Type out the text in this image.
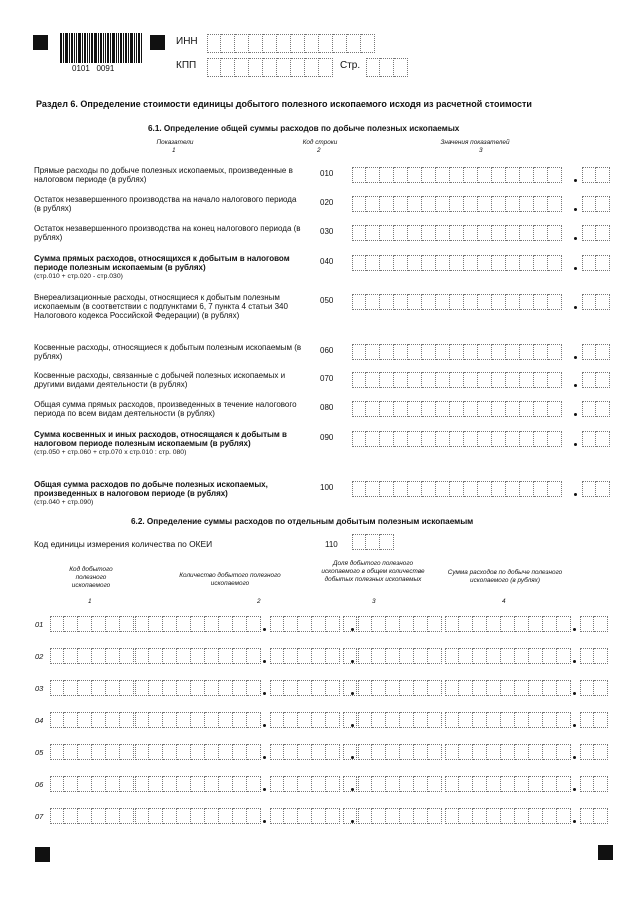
0101   0091
ИНН
КПП	Стр.
Раздел 6. Определение стоимости единицы добытого полезного ископаемого исходя из расчетной стоимости
6.1. Определение общей суммы расходов по добыче полезных ископаемых
Показатели	Код строки	Значения показателей
1	2	3
Прямые расходы по добыче полезных ископаемых, произведенные в налоговом периоде (в рублях)
010
Остаток незавершенного производства на начало налогового периода (в рублях)
020
Остаток незавершенного производства на конец налогового периода (в рублях)
030
Сумма прямых расходов, относящихся к добытым в налоговом периоде полезным ископаемым (в рублях)
(стр.010 + стр.020 - стр.030)
040
Внереализационные расходы, относящиеся к добытым полезным ископаемым (в соответствии с подпунктами 6, 7 пункта 4 статьи 340 Налогового кодекса Российской Федерации) (в рублях)
050
Косвенные расходы, относящиеся к добытым полезным ископаемым (в рублях)
060
Косвенные расходы, связанные с добычей полезных ископаемых и другими видами деятельности (в рублях)
070
Общая сумма прямых расходов, произведенных в течение налогового периода по всем видам деятельности (в рублях)
080
Сумма косвенных и иных расходов, относящаяся к добытым в налоговом периоде полезным ископаемым (в рублях)
(стр.050 + стр.060 + стр.070 х стр.010 : стр. 080)
090
Общая сумма расходов по добыче полезных ископаемых, произведенных в налоговом периоде (в рублях)
(стр.040 + стр.090)
100
6.2. Определение суммы расходов по отдельным добытым полезным ископаемым
Код единицы измерения количества по ОКЕИ	110
Код добытого полезного ископаемого
Количество добытого полезного ископаемого
Доля добытого полезного ископаемого в общем количестве добытых полезных ископаемых
Сумма расходов по добыче полезного ископаемого (в рублях)
1	2	3	4
01
02
03
04
05
06
07
